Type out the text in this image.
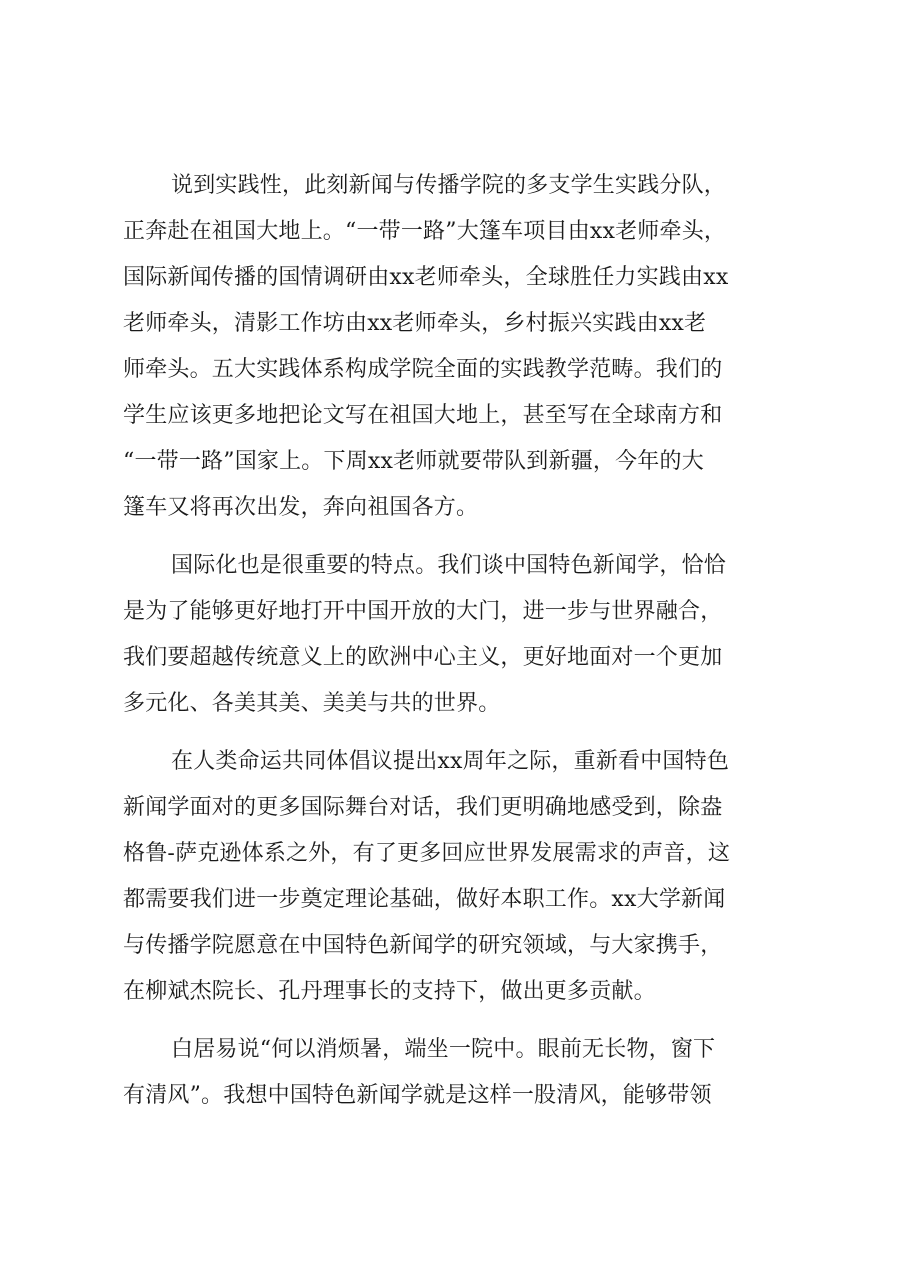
说到实践性，此刻新闻与传播学院的多支学生实践分队，
正奔赴在祖国大地上。“一带一路”大篷车项目由xx老师牵头，
国际新闻传播的国情调研由xx老师牵头，全球胜任力实践由xx
老师牵头，清影工作坊由xx老师牵头，乡村振兴实践由xx老
师牵头。五大实践体系构成学院全面的实践教学范畴。我们的
学生应该更多地把论文写在祖国大地上，甚至写在全球南方和
“一带一路”国家上。下周xx老师就要带队到新疆，今年的大
篷车又将再次出发，奔向祖国各方。
国际化也是很重要的特点。我们谈中国特色新闻学，恰恰
是为了能够更好地打开中国开放的大门，进一步与世界融合，
我们要超越传统意义上的欧洲中心主义，更好地面对一个更加
多元化、各美其美、美美与共的世界。
在人类命运共同体倡议提出xx周年之际，重新看中国特色
新闻学面对的更多国际舞台对话，我们更明确地感受到，除盎
格鲁-萨克逊体系之外，有了更多回应世界发展需求的声音，这
都需要我们进一步奠定理论基础，做好本职工作。xx大学新闻
与传播学院愿意在中国特色新闻学的研究领域，与大家携手，
在柳斌杰院长、孔丹理事长的支持下，做出更多贡献。
白居易说“何以消烦暑，端坐一院中。眼前无长物，窗下
有清风”。我想中国特色新闻学就是这样一股清风，能够带领
